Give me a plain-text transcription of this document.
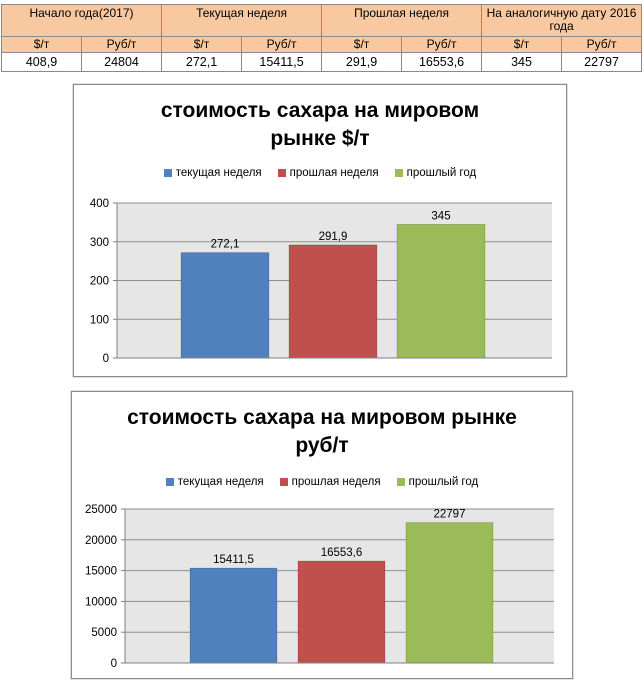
Начало года(2017)		Текущая неделя		Прошлая неделя		На аналогичную дату 2016 года	
$/т	Руб/т	$/т	Руб/т	$/т	Руб/т	$/т	Руб/т
408,9	24804	272,1	15411,5	291,9	16553,6	345	22797
стоимость сахара на мировом
рынке $/т
текущая неделя прошлая неделя прошлый год
0
100
200
300
400
272,1
291,9
345
стоимость сахара на мировом рынке
руб/т
текущая неделя прошлая неделя прошлый год
0
5000
10000
15000
20000
25000
15411,5
16553,6
22797
